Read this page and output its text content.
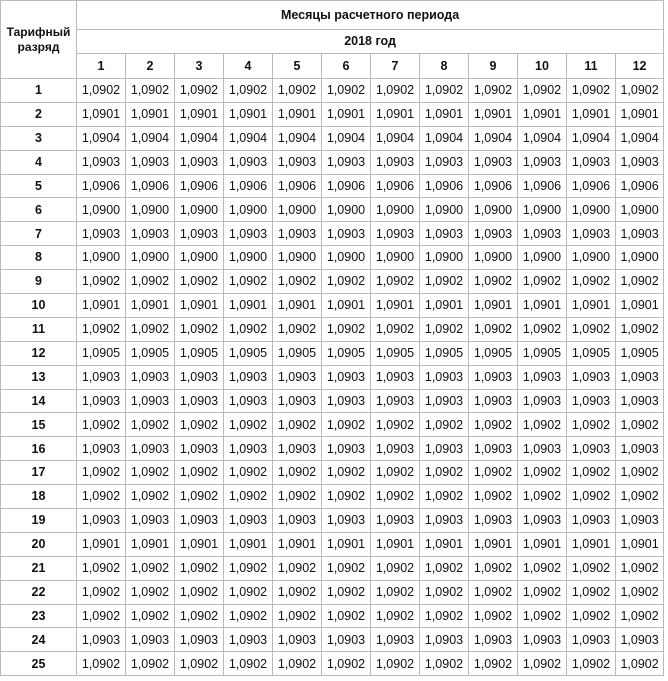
Тарифный разряд	Месяцы расчетного периода											
	2018 год											
	1	2	3	4	5	6	7	8	9	10	11	12
1	1,0902	1,0902	1,0902	1,0902	1,0902	1,0902	1,0902	1,0902	1,0902	1,0902	1,0902	1,0902
2	1,0901	1,0901	1,0901	1,0901	1,0901	1,0901	1,0901	1,0901	1,0901	1,0901	1,0901	1,0901
3	1,0904	1,0904	1,0904	1,0904	1,0904	1,0904	1,0904	1,0904	1,0904	1,0904	1,0904	1,0904
4	1,0903	1,0903	1,0903	1,0903	1,0903	1,0903	1,0903	1,0903	1,0903	1,0903	1,0903	1,0903
5	1,0906	1,0906	1,0906	1,0906	1,0906	1,0906	1,0906	1,0906	1,0906	1,0906	1,0906	1,0906
6	1,0900	1,0900	1,0900	1,0900	1,0900	1,0900	1,0900	1,0900	1,0900	1,0900	1,0900	1,0900
7	1,0903	1,0903	1,0903	1,0903	1,0903	1,0903	1,0903	1,0903	1,0903	1,0903	1,0903	1,0903
8	1,0900	1,0900	1,0900	1,0900	1,0900	1,0900	1,0900	1,0900	1,0900	1,0900	1,0900	1,0900
9	1,0902	1,0902	1,0902	1,0902	1,0902	1,0902	1,0902	1,0902	1,0902	1,0902	1,0902	1,0902
10	1,0901	1,0901	1,0901	1,0901	1,0901	1,0901	1,0901	1,0901	1,0901	1,0901	1,0901	1,0901
11	1,0902	1,0902	1,0902	1,0902	1,0902	1,0902	1,0902	1,0902	1,0902	1,0902	1,0902	1,0902
12	1,0905	1,0905	1,0905	1,0905	1,0905	1,0905	1,0905	1,0905	1,0905	1,0905	1,0905	1,0905
13	1,0903	1,0903	1,0903	1,0903	1,0903	1,0903	1,0903	1,0903	1,0903	1,0903	1,0903	1,0903
14	1,0903	1,0903	1,0903	1,0903	1,0903	1,0903	1,0903	1,0903	1,0903	1,0903	1,0903	1,0903
15	1,0902	1,0902	1,0902	1,0902	1,0902	1,0902	1,0902	1,0902	1,0902	1,0902	1,0902	1,0902
16	1,0903	1,0903	1,0903	1,0903	1,0903	1,0903	1,0903	1,0903	1,0903	1,0903	1,0903	1,0903
17	1,0902	1,0902	1,0902	1,0902	1,0902	1,0902	1,0902	1,0902	1,0902	1,0902	1,0902	1,0902
18	1,0902	1,0902	1,0902	1,0902	1,0902	1,0902	1,0902	1,0902	1,0902	1,0902	1,0902	1,0902
19	1,0903	1,0903	1,0903	1,0903	1,0903	1,0903	1,0903	1,0903	1,0903	1,0903	1,0903	1,0903
20	1,0901	1,0901	1,0901	1,0901	1,0901	1,0901	1,0901	1,0901	1,0901	1,0901	1,0901	1,0901
21	1,0902	1,0902	1,0902	1,0902	1,0902	1,0902	1,0902	1,0902	1,0902	1,0902	1,0902	1,0902
22	1,0902	1,0902	1,0902	1,0902	1,0902	1,0902	1,0902	1,0902	1,0902	1,0902	1,0902	1,0902
23	1,0902	1,0902	1,0902	1,0902	1,0902	1,0902	1,0902	1,0902	1,0902	1,0902	1,0902	1,0902
24	1,0903	1,0903	1,0903	1,0903	1,0903	1,0903	1,0903	1,0903	1,0903	1,0903	1,0903	1,0903
25	1,0902	1,0902	1,0902	1,0902	1,0902	1,0902	1,0902	1,0902	1,0902	1,0902	1,0902	1,0902
